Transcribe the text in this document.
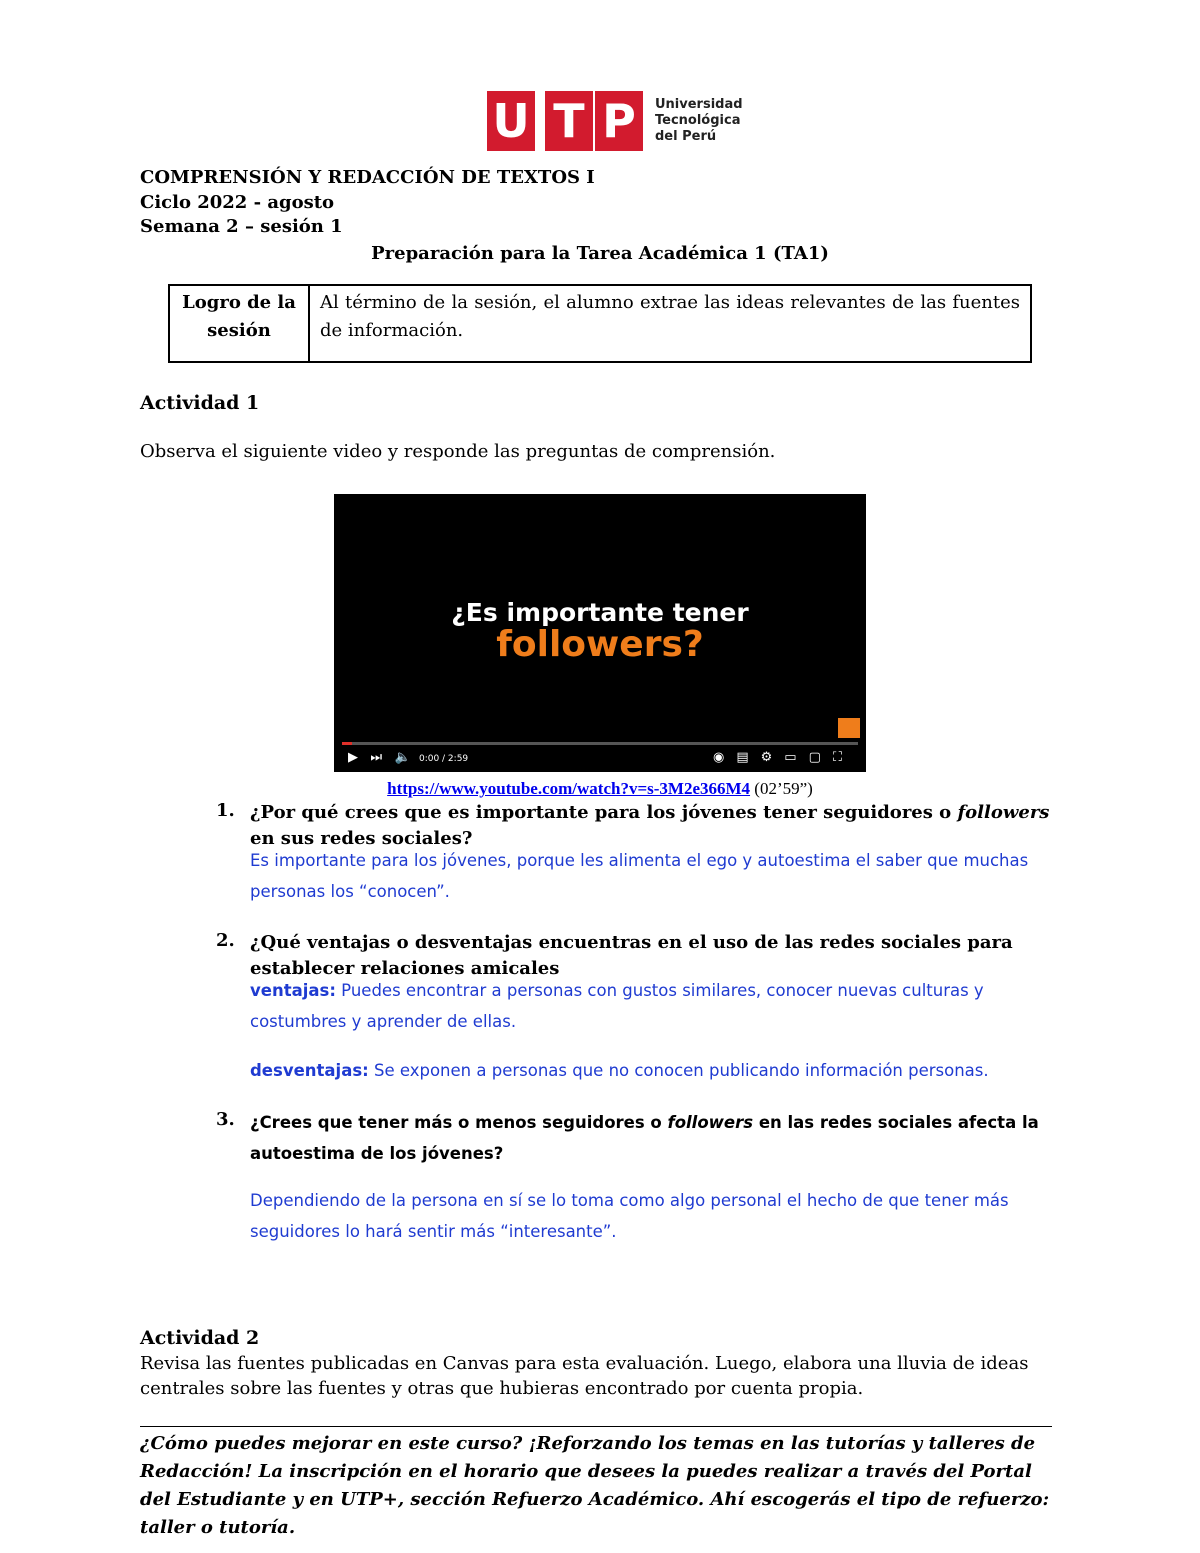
U T P	Universidad
Tecnológica
del Perú
COMPRENSIÓN Y REDACCIÓN DE TEXTOS I
Ciclo 2022 - agosto
Semana 2 – sesión 1
Preparación para la Tarea Académica 1 (TA1)
Logro de la
sesión
	Al término de la sesión, el alumno extrae las ideas relevantes de las fuentes de información.
Actividad 1
Observa el siguiente video y responde las preguntas de comprensión.
¿Es importante tener
followers?
▶ ⏭ 🔈 0:00 / 2:59	◉▤⚙▭▢⛶
https://www.youtube.com/watch?v=s-3M2e366M4 (02’59”)
1. ¿Por qué crees que es importante para los jóvenes tener seguidores o followers en sus redes sociales?
Es importante para los jóvenes, porque les alimenta el ego y autoestima el saber que muchas personas los “conocen”.
2. ¿Qué ventajas o desventajas encuentras en el uso de las redes sociales para establecer relaciones amicales
ventajas: Puedes encontrar a personas con gustos similares, conocer nuevas culturas y costumbres y aprender de ellas.
desventajas: Se exponen a personas que no conocen publicando información personas.
3. ¿Crees que tener más o menos seguidores o followers en las redes sociales afecta la autoestima de los jóvenes?
Dependiendo de la persona en sí se lo toma como algo personal el hecho de que tener más seguidores lo hará sentir más “interesante”.
Actividad 2
Revisa las fuentes publicadas en Canvas para esta evaluación. Luego, elabora una lluvia de ideas centrales sobre las fuentes y otras que hubieras encontrado por cuenta propia.
¿Cómo puedes mejorar en este curso? ¡Reforzando los temas en las tutorías y talleres de Redacción! La inscripción en el horario que desees la puedes realizar a través del Portal del Estudiante y en UTP+, sección Refuerzo Académico. Ahí escogerás el tipo de refuerzo: taller o tutoría.
